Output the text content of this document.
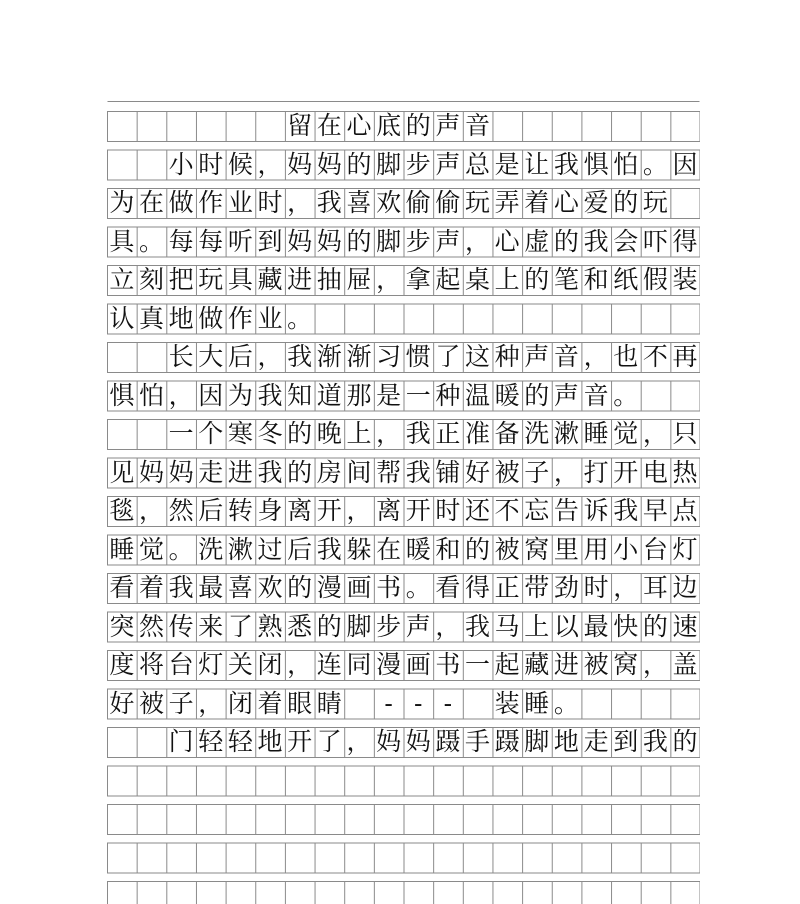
留 在 心 底 的 声 音
小 时 候 ， 妈 妈 的 脚 步 声 总 是 让 我 惧 怕 。 因
为 在 做 作 业 时 ， 我 喜 欢 偷 偷 玩 弄 着 心 爱 的 玩
具 。 每 每 听 到 妈 妈 的 脚 步 声 ， 心 虚 的 我 会 吓 得
立 刻 把 玩 具 藏 进 抽 屉 ， 拿 起 桌 上 的 笔 和 纸 假 装
认 真 地 做 作 业 。
长 大 后 ， 我 渐 渐 习 惯 了 这 种 声 音 ， 也 不 再
惧 怕 ， 因 为 我 知 道 那 是 一 种 温 暖 的 声 音 。
一 个 寒 冬 的 晚 上 ， 我 正 准 备 洗 漱 睡 觉 ， 只
见 妈 妈 走 进 我 的 房 间 帮 我 铺 好 被 子 ， 打 开 电 热
毯 ， 然 后 转 身 离 开 ， 离 开 时 还 不 忘 告 诉 我 早 点
睡 觉 。 洗 漱 过 后 我 躲 在 暖 和 的 被 窝 里 用 小 台 灯
看 着 我 最 喜 欢 的 漫 画 书 。 看 得 正 带 劲 时 ， 耳 边
突 然 传 来 了 熟 悉 的 脚 步 声 ， 我 马 上 以 最 快 的 速
度 将 台 灯 关 闭 ， 连 同 漫 画 书 一 起 藏 进 被 窝 ， 盖
好 被 子 ， 闭 着 眼 睛 - - - 装 睡 。
门 轻 轻 地 开 了 ， 妈 妈 蹑 手 蹑 脚 地 走 到 我 的
